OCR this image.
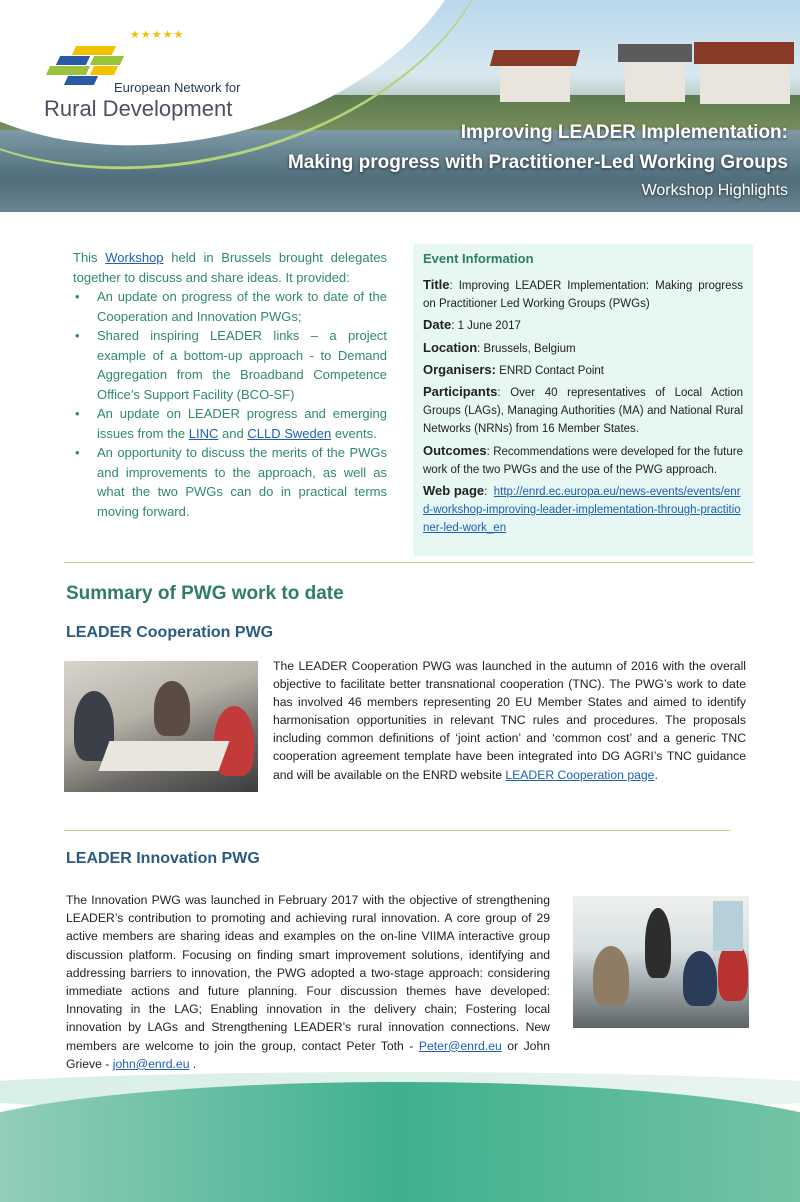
★★★★★
European Network for
Rural Development
Improving LEADER Implementation:
Making progress with Practitioner-Led Working Groups
Workshop Highlights
This Workshop held in Brussels brought delegates together to discuss and share ideas. It provided:
• An update on progress of the work to date of the Cooperation and Innovation PWGs;
• Shared inspiring LEADER links – a project example of a bottom-up approach - to Demand Aggregation from the Broadband Competence Office’s Support Facility (BCO-SF)
• An update on LEADER progress and emerging issues from the LINC and CLLD Sweden events.
• An opportunity to discuss the merits of the PWGs and improvements to the approach, as well as what the two PWGs can do in practical terms moving forward.
Event Information

Title: Improving LEADER Implementation: Making progress on Practitioner Led Working Groups (PWGs)

Date: 1 June 2017

Location: Brussels, Belgium

Organisers: ENRD Contact Point

Participants: Over 40 representatives of Local Action Groups (LAGs), Managing Authorities (MA) and National Rural Networks (NRNs) from 16 Member States.

Outcomes: Recommendations were developed for the future work of the two PWGs and the use of the PWG approach.

Web page: http://enrd.ec.europa.eu/news-events/events/enrd-workshop-improving-leader-implementation-through-practitioner-led-work_en

Summary of PWG work to date
LEADER Cooperation PWG
The LEADER Cooperation PWG was launched in the autumn of 2016 with the overall objective to facilitate better transnational cooperation (TNC). The PWG’s work to date has involved 46 members representing 20 EU Member States and aimed to identify harmonisation opportunities in relevant TNC rules and procedures. The proposals including common definitions of ‘joint action’ and ‘common cost’ and a generic TNC cooperation agreement template have been integrated into DG AGRI’s TNC guidance and will be available on the ENRD website LEADER Cooperation page.
LEADER Innovation PWG
The Innovation PWG was launched in February 2017 with the objective of strengthening LEADER’s contribution to promoting and achieving rural innovation. A core group of 29 active members are sharing ideas and examples on the on-line VIIMA interactive group discussion platform. Focusing on finding smart improvement solutions, identifying and addressing barriers to innovation, the PWG adopted a two-stage approach: considering immediate actions and future planning. Four discussion themes have developed: Innovating in the LAG; Enabling innovation in the delivery chain; Fostering local innovation by LAGs and Strengthening LEADER’s rural innovation connections. New members are welcome to join the group, contact Peter Toth - Peter@enrd.eu or John Grieve - john@enrd.eu .
